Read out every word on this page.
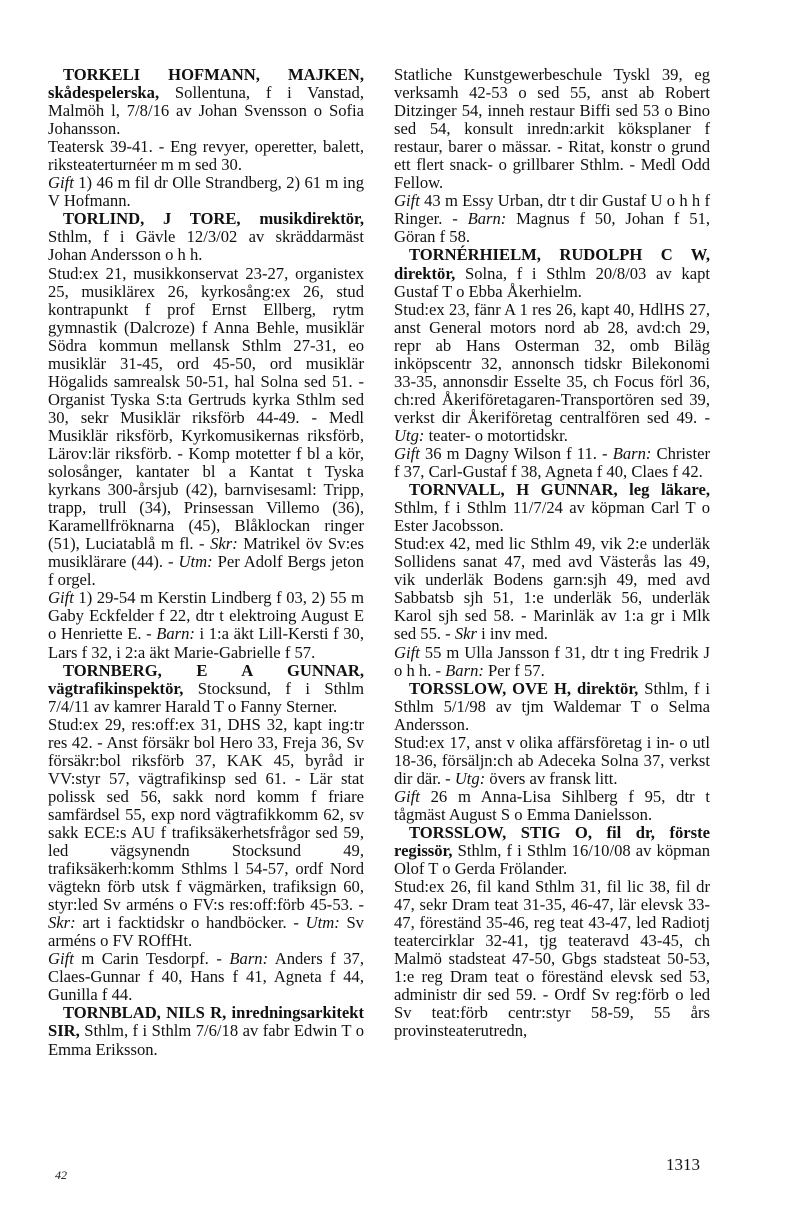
TORKELI HOFMANN, MAJKEN, skådespelerska, Sollentuna, f i Vanstad, Malmöh l, 7/8/16 av Johan Svensson o Sofia Johansson.

Teatersk 39-41. - Eng revyer, operetter, balett, riksteaterturnéer m m sed 30.

Gift 1) 46 m fil dr Olle Strandberg, 2) 61 m ing V Hofmann.

TORLIND, J TORE, musikdirektör, Sthlm, f i Gävle 12/3/02 av skräddarmäst Johan Andersson o h h.

Stud:ex 21, musikkonservat 23-27, organistex 25, musiklärex 26, kyrkosång:ex 26, stud kontrapunkt f prof Ernst Ellberg, rytm gymnastik (Dalcroze) f Anna Behle, musiklär Södra kommun mellansk Sthlm 27-31, eo musiklär 31-45, ord 45-50, ord musiklär Högalids samrealsk 50-51, hal Solna sed 51. - Organist Tyska S:ta Gertruds kyrka Sthlm sed 30, sekr Musiklär riksförb 44-49. - Medl Musiklär riksförb, Kyrkomusikernas riksförb, Lärov:lär riksförb. - Komp motetter f bl a kör, solosånger, kantater bl a Kantat t Tyska kyrkans 300-årsjub (42), barnvisesaml: Tripp, trapp, trull (34), Prinsessan Villemo (36), Karamellfröknarna (45), Blåklockan ringer (51), Luciatablå m fl. - Skr: Matrikel öv Sv:es musiklärare (44). - Utm: Per Adolf Bergs jeton f orgel.

Gift 1) 29-54 m Kerstin Lindberg f 03, 2) 55 m Gaby Eckfelder f 22, dtr t elektroing August E o Henriette E. - Barn: i 1:a äkt Lill-Kersti f 30, Lars f 32, i 2:a äkt Marie-Gabrielle f 57.

TORNBERG, E A GUNNAR, vägtrafikinspektör, Stocksund, f i Sthlm 7/4/11 av kamrer Harald T o Fanny Sterner.

Stud:ex 29, res:off:ex 31, DHS 32, kapt ing:tr res 42. - Anst försäkr bol Hero 33, Freja 36, Sv försäkr:bol riksförb 37, KAK 45, byråd ir VV:styr 57, vägtrafikinsp sed 61. - Lär stat polissk sed 56, sakk nord komm f friare samfärdsel 55, exp nord vägtrafikkomm 62, sv sakk ECE:s AU f trafiksäkerhetsfrågor sed 59, led vägsynendn Stocksund 49, trafiksäkerh:komm Sthlms l 54-57, ordf Nord vägtekn förb utsk f vägmärken, trafiksign 60, styr:led Sv arméns o FV:s res:off:förb 45-53. - Skr: art i facktidskr o handböcker. - Utm: Sv arméns o FV ROffHt.

Gift m Carin Tesdorpf. - Barn: Anders f 37, Claes-Gunnar f 40, Hans f 41, Agneta f 44, Gunilla f 44.

TORNBLAD, NILS R, inredningsarkitekt SIR, Sthlm, f i Sthlm 7/6/18 av fabr Edwin T o Emma Eriksson.

Statliche Kunstgewerbeschule Tyskl 39, eg verksamh 42-53 o sed 55, anst ab Robert Ditzinger 54, inneh restaur Biffi sed 53 o Bino sed 54, konsult inredn:arkit köksplaner f restaur, barer o mässar. - Ritat, konstr o grund ett flert snack- o grillbarer Sthlm. - Medl Odd Fellow.

Gift 43 m Essy Urban, dtr t dir Gustaf U o h h f Ringer. - Barn: Magnus f 50, Johan f 51, Göran f 58.

TORNÉRHIELM, RUDOLPH C W, direktör, Solna, f i Sthlm 20/8/03 av kapt Gustaf T o Ebba Åkerhielm.

Stud:ex 23, fänr A 1 res 26, kapt 40, HdlHS 27, anst General motors nord ab 28, avd:ch 29, repr ab Hans Osterman 32, omb Biläg inköpscentr 32, annonsch tidskr Bilekonomi 33-35, annonsdir Esselte 35, ch Focus förl 36, ch:red Åkeriföretagaren-Transportören sed 39, verkst dir Åkeriföretag centralfören sed 49. - Utg: teater- o motortidskr.

Gift 36 m Dagny Wilson f 11. - Barn: Christer f 37, Carl-Gustaf f 38, Agneta f 40, Claes f 42.

TORNVALL, H GUNNAR, leg läkare, Sthlm, f i Sthlm 11/7/24 av köpman Carl T o Ester Jacobsson.

Stud:ex 42, med lic Sthlm 49, vik 2:e underläk Sollidens sanat 47, med avd Västerås las 49, vik underläk Bodens garn:sjh 49, med avd Sabbatsb sjh 51, 1:e underläk 56, underläk Karol sjh sed 58. - Marinläk av 1:a gr i Mlk sed 55. - Skr i inv med.

Gift 55 m Ulla Jansson f 31, dtr t ing Fredrik J o h h. - Barn: Per f 57.

TORSSLOW, OVE H, direktör, Sthlm, f i Sthlm 5/1/98 av tjm Waldemar T o Selma Andersson.

Stud:ex 17, anst v olika affärsföretag i in- o utl 18-36, försäljn:ch ab Adeceka Solna 37, verkst dir där. - Utg: övers av fransk litt.

Gift 26 m Anna-Lisa Sihlberg f 95, dtr t tågmäst August S o Emma Danielsson.

TORSSLOW, STIG O, fil dr, förste regissör, Sthlm, f i Sthlm 16/10/08 av köpman Olof T o Gerda Frölander.

Stud:ex 26, fil kand Sthlm 31, fil lic 38, fil dr 47, sekr Dram teat 31-35, 46-47, lär elevsk 33-47, föreständ 35-46, reg teat 43-47, led Radiotj teatercirklar 32-41, tjg teateravd 43-45, ch Malmö stadsteat 47-50, Gbgs stadsteat 50-53, 1:e reg Dram teat o föreständ elevsk sed 53, administr dir sed 59. - Ordf Sv reg:förb o led Sv teat:förb centr:styr 58-59, 55 års provinsteaterutredn,

42
1313
